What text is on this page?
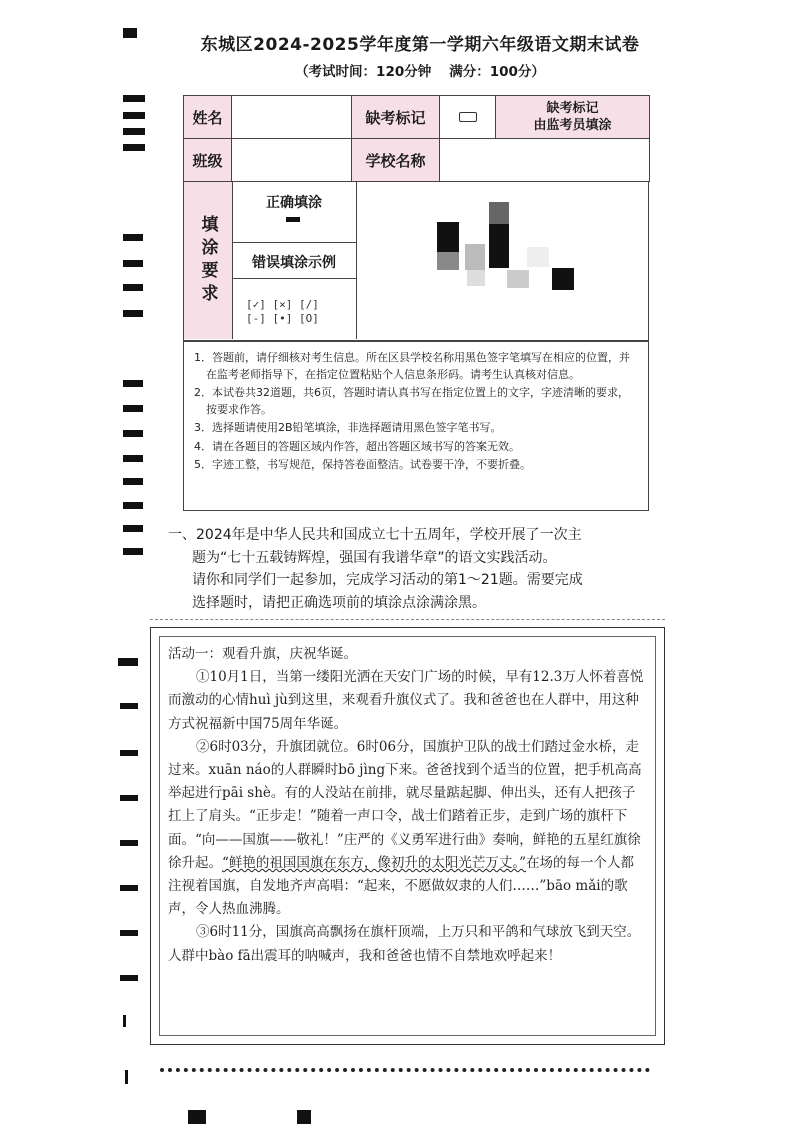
东城区2024-2025学年度第一学期六年级语文期末试卷
（考试时间：120分钟 满分：100分）
姓名		缺考标记		缺考标记
由监考员填涂

班级		学校名称		
填涂要求
正确填涂
错误填涂示例
[✓] [×] [/]
[-] [•] [O]

1．答题前，请仔细核对考生信息。所在区县学校名称用黑色签字笔填写在相应的位置，并在监考老师指导下，在指定位置粘贴个人信息条形码。请考生认真核对信息。

2．本试卷共32道题，共6页，答题时请认真书写在指定位置上的文字，字迹清晰的要求，按要求作答。

3．选择题请使用2B铅笔填涂，非选择题请用黑色签字笔书写。

4．请在各题目的答题区域内作答，超出答题区域书写的答案无效。

5．字迹工整，书写规范，保持答卷面整洁。试卷要干净，不要折叠。

一、2024年是中华人民共和国成立七十五周年，学校开展了一次主

题为“七十五载铸辉煌，强国有我谱华章”的语文实践活动。

请你和同学们一起参加，完成学习活动的第1～21题。需要完成

选择题时，请把正确选项前的填涂点涂满涂黑。

活动一：观看升旗，庆祝华诞。

①10月1日，当第一缕阳光洒在天安门广场的时候，早有12.3万人怀着喜悦而激动的心情huì jù到这里，来观看升旗仪式了。我和爸爸也在人群中，用这种方式祝福新中国75周年华诞。

②6时03分，升旗团就位。6时06分，国旗护卫队的战士们踏过金水桥，走过来。xuān náo的人群瞬时bō jìng下来。爸爸找到个适当的位置，把手机高高举起进行pāi shè。有的人没站在前排，就尽量踮起脚、伸出头，还有人把孩子扛上了肩头。“正步走！”随着一声口令，战士们踏着正步，走到广场的旗杆下面。“向——国旗——敬礼！”庄严的《义勇军进行曲》奏响，鲜艳的五星红旗徐徐升起。“鲜艳的祖国国旗在东方，像初升的太阳光芒万丈。”在场的每一个人都注视着国旗，自发地齐声高唱：“起来，不愿做奴隶的人们……”bāo mǎi的歌声，令人热血沸腾。

③6时11分，国旗高高飘扬在旗杆顶端，上万只和平鸽和气球放飞到天空。人群中bào fā出震耳的呐喊声，我和爸爸也情不自禁地欢呼起来！
